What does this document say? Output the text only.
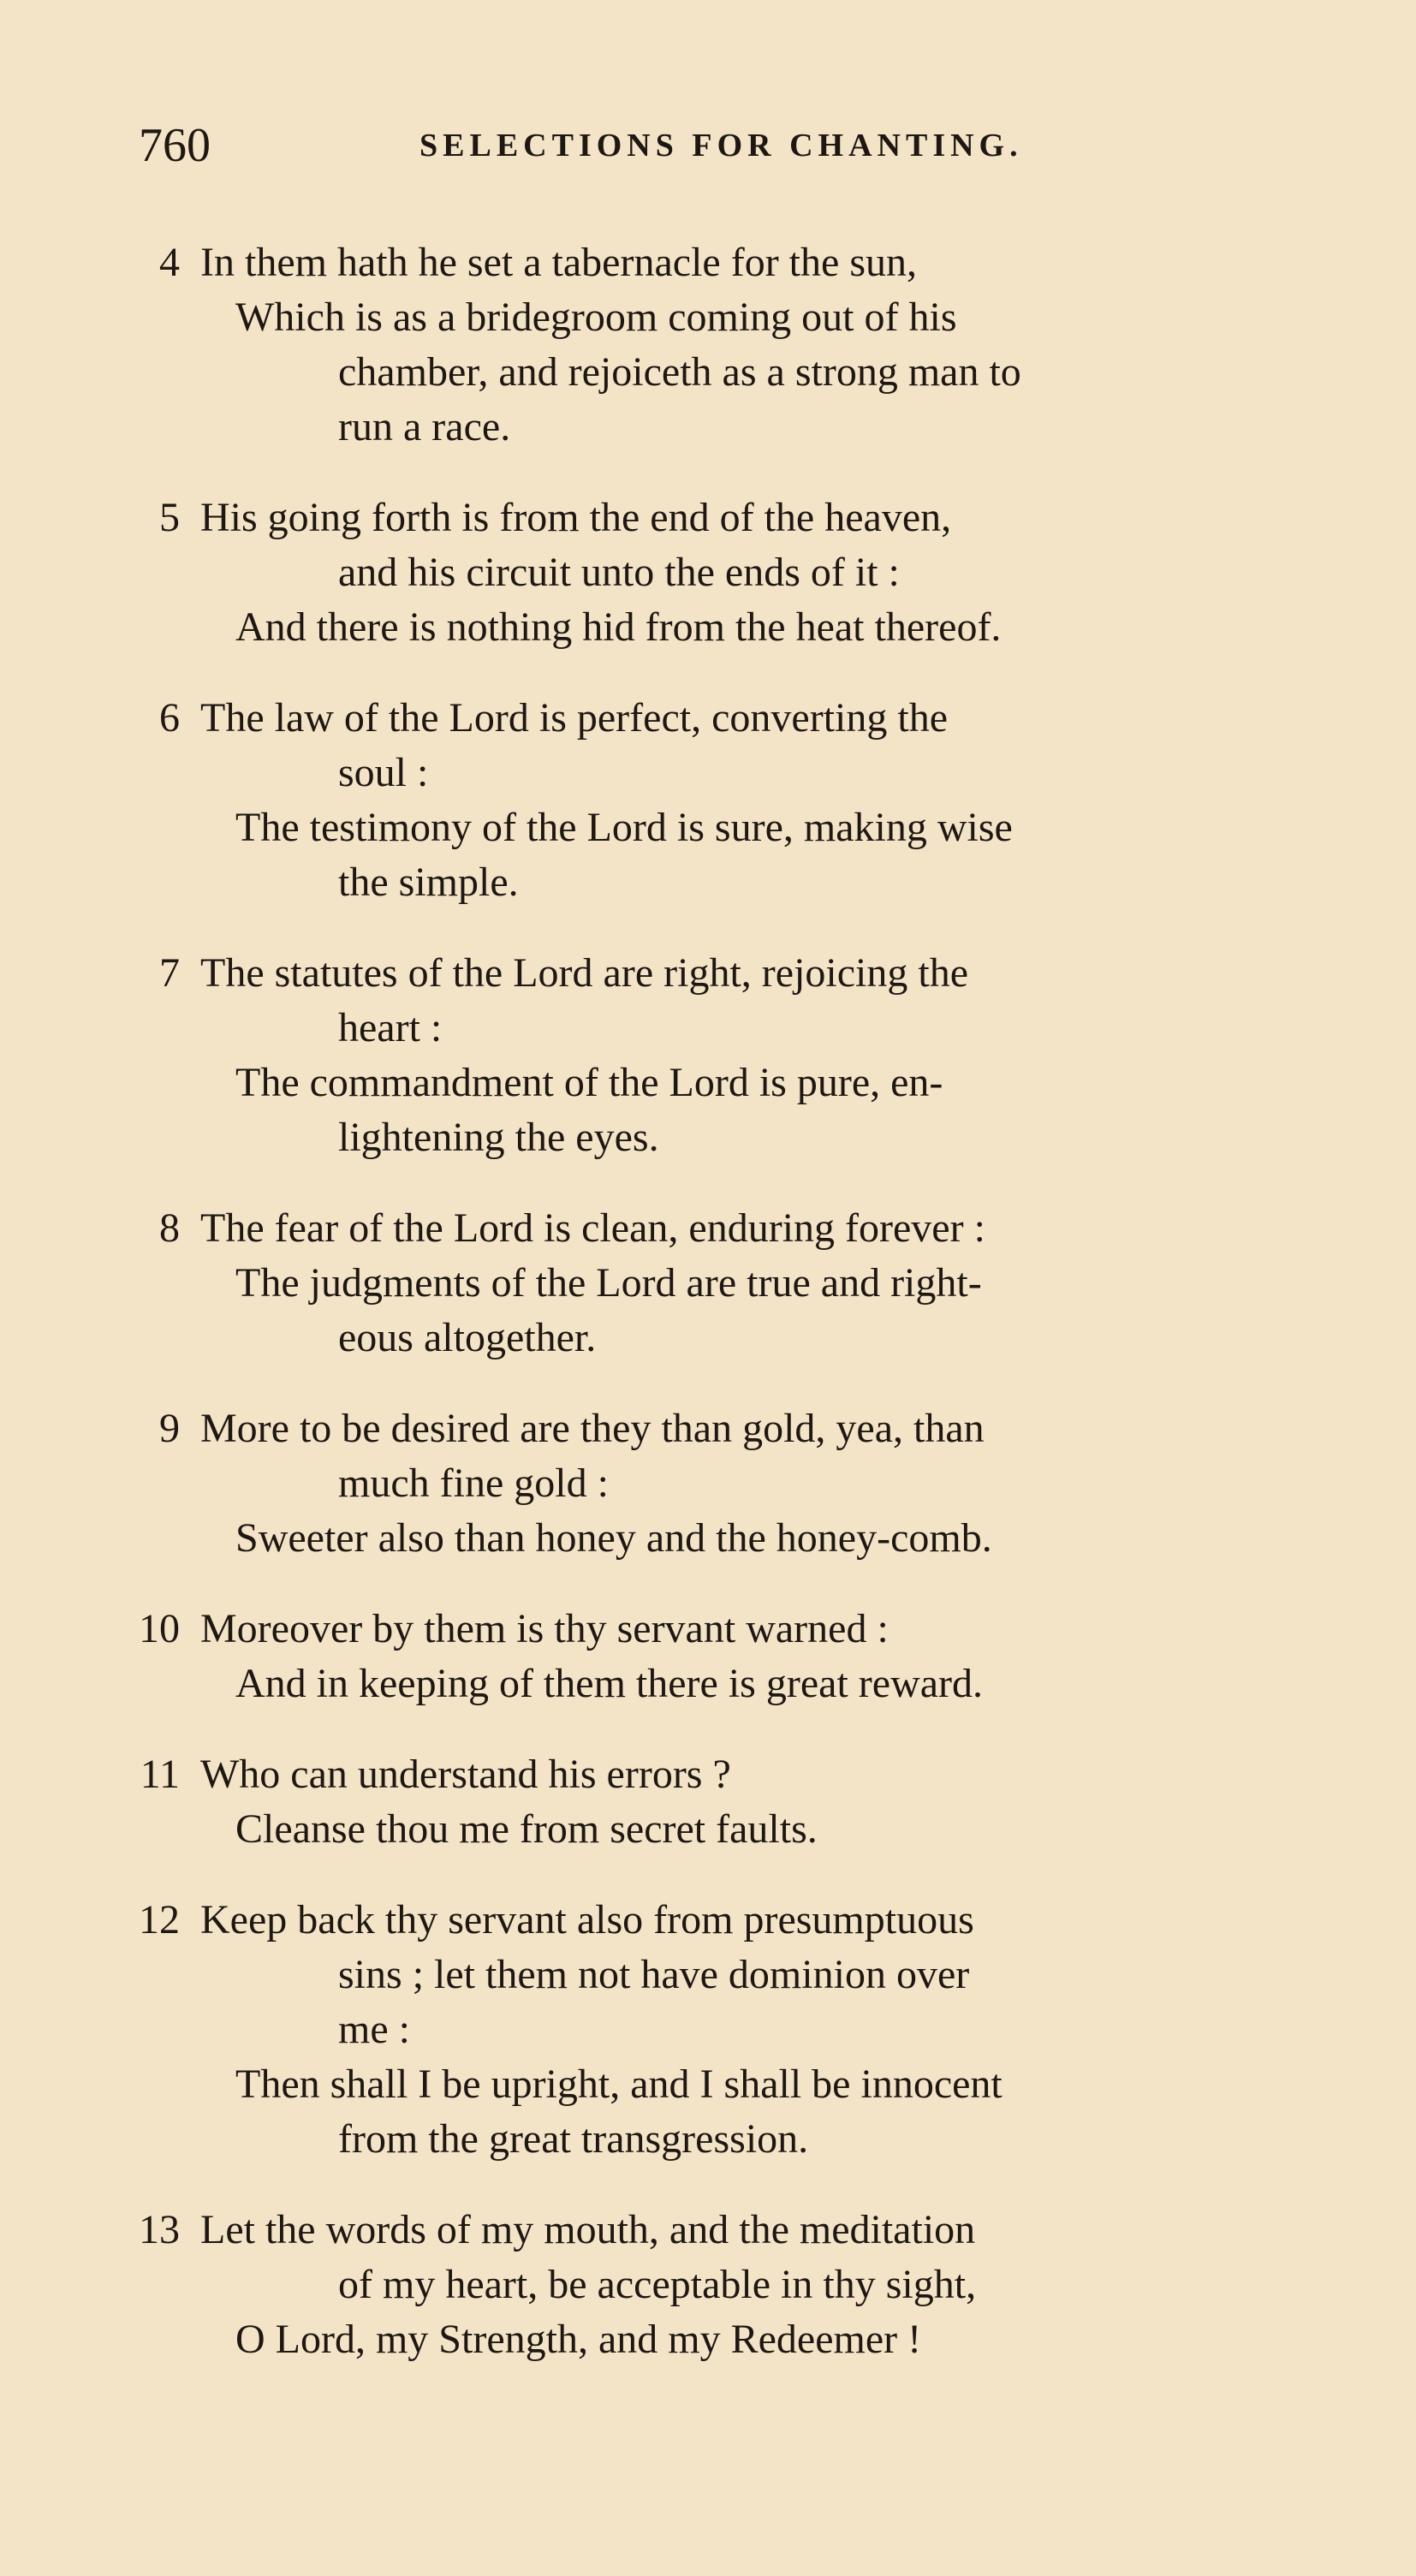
760	SELECTIONS FOR CHANTING.
4 In them hath he set a tabernacle for the sun,
Which is as a bridegroom coming out of his
chamber, and rejoiceth as a strong man to
run a race.
5 His going forth is from the end of the heaven,
and his circuit unto the ends of it :
And there is nothing hid from the heat thereof.
6 The law of the Lord is perfect, converting the
soul :
The testimony of the Lord is sure, making wise
the simple.
7 The statutes of the Lord are right, rejoicing the
heart :
The commandment of the Lord is pure, en-
lightening the eyes.
8 The fear of the Lord is clean, enduring forever :
The judgments of the Lord are true and right-
eous altogether.
9 More to be desired are they than gold, yea, than
much fine gold :
Sweeter also than honey and the honey-comb.
10 Moreover by them is thy servant warned :
And in keeping of them there is great reward.
11 Who can understand his errors ?
Cleanse thou me from secret faults.
12 Keep back thy servant also from presumptuous
sins ; let them not have dominion over
me :
Then shall I be upright, and I shall be innocent
from the great transgression.
13 Let the words of my mouth, and the meditation
of my heart, be acceptable in thy sight,
O Lord, my Strength, and my Redeemer !
